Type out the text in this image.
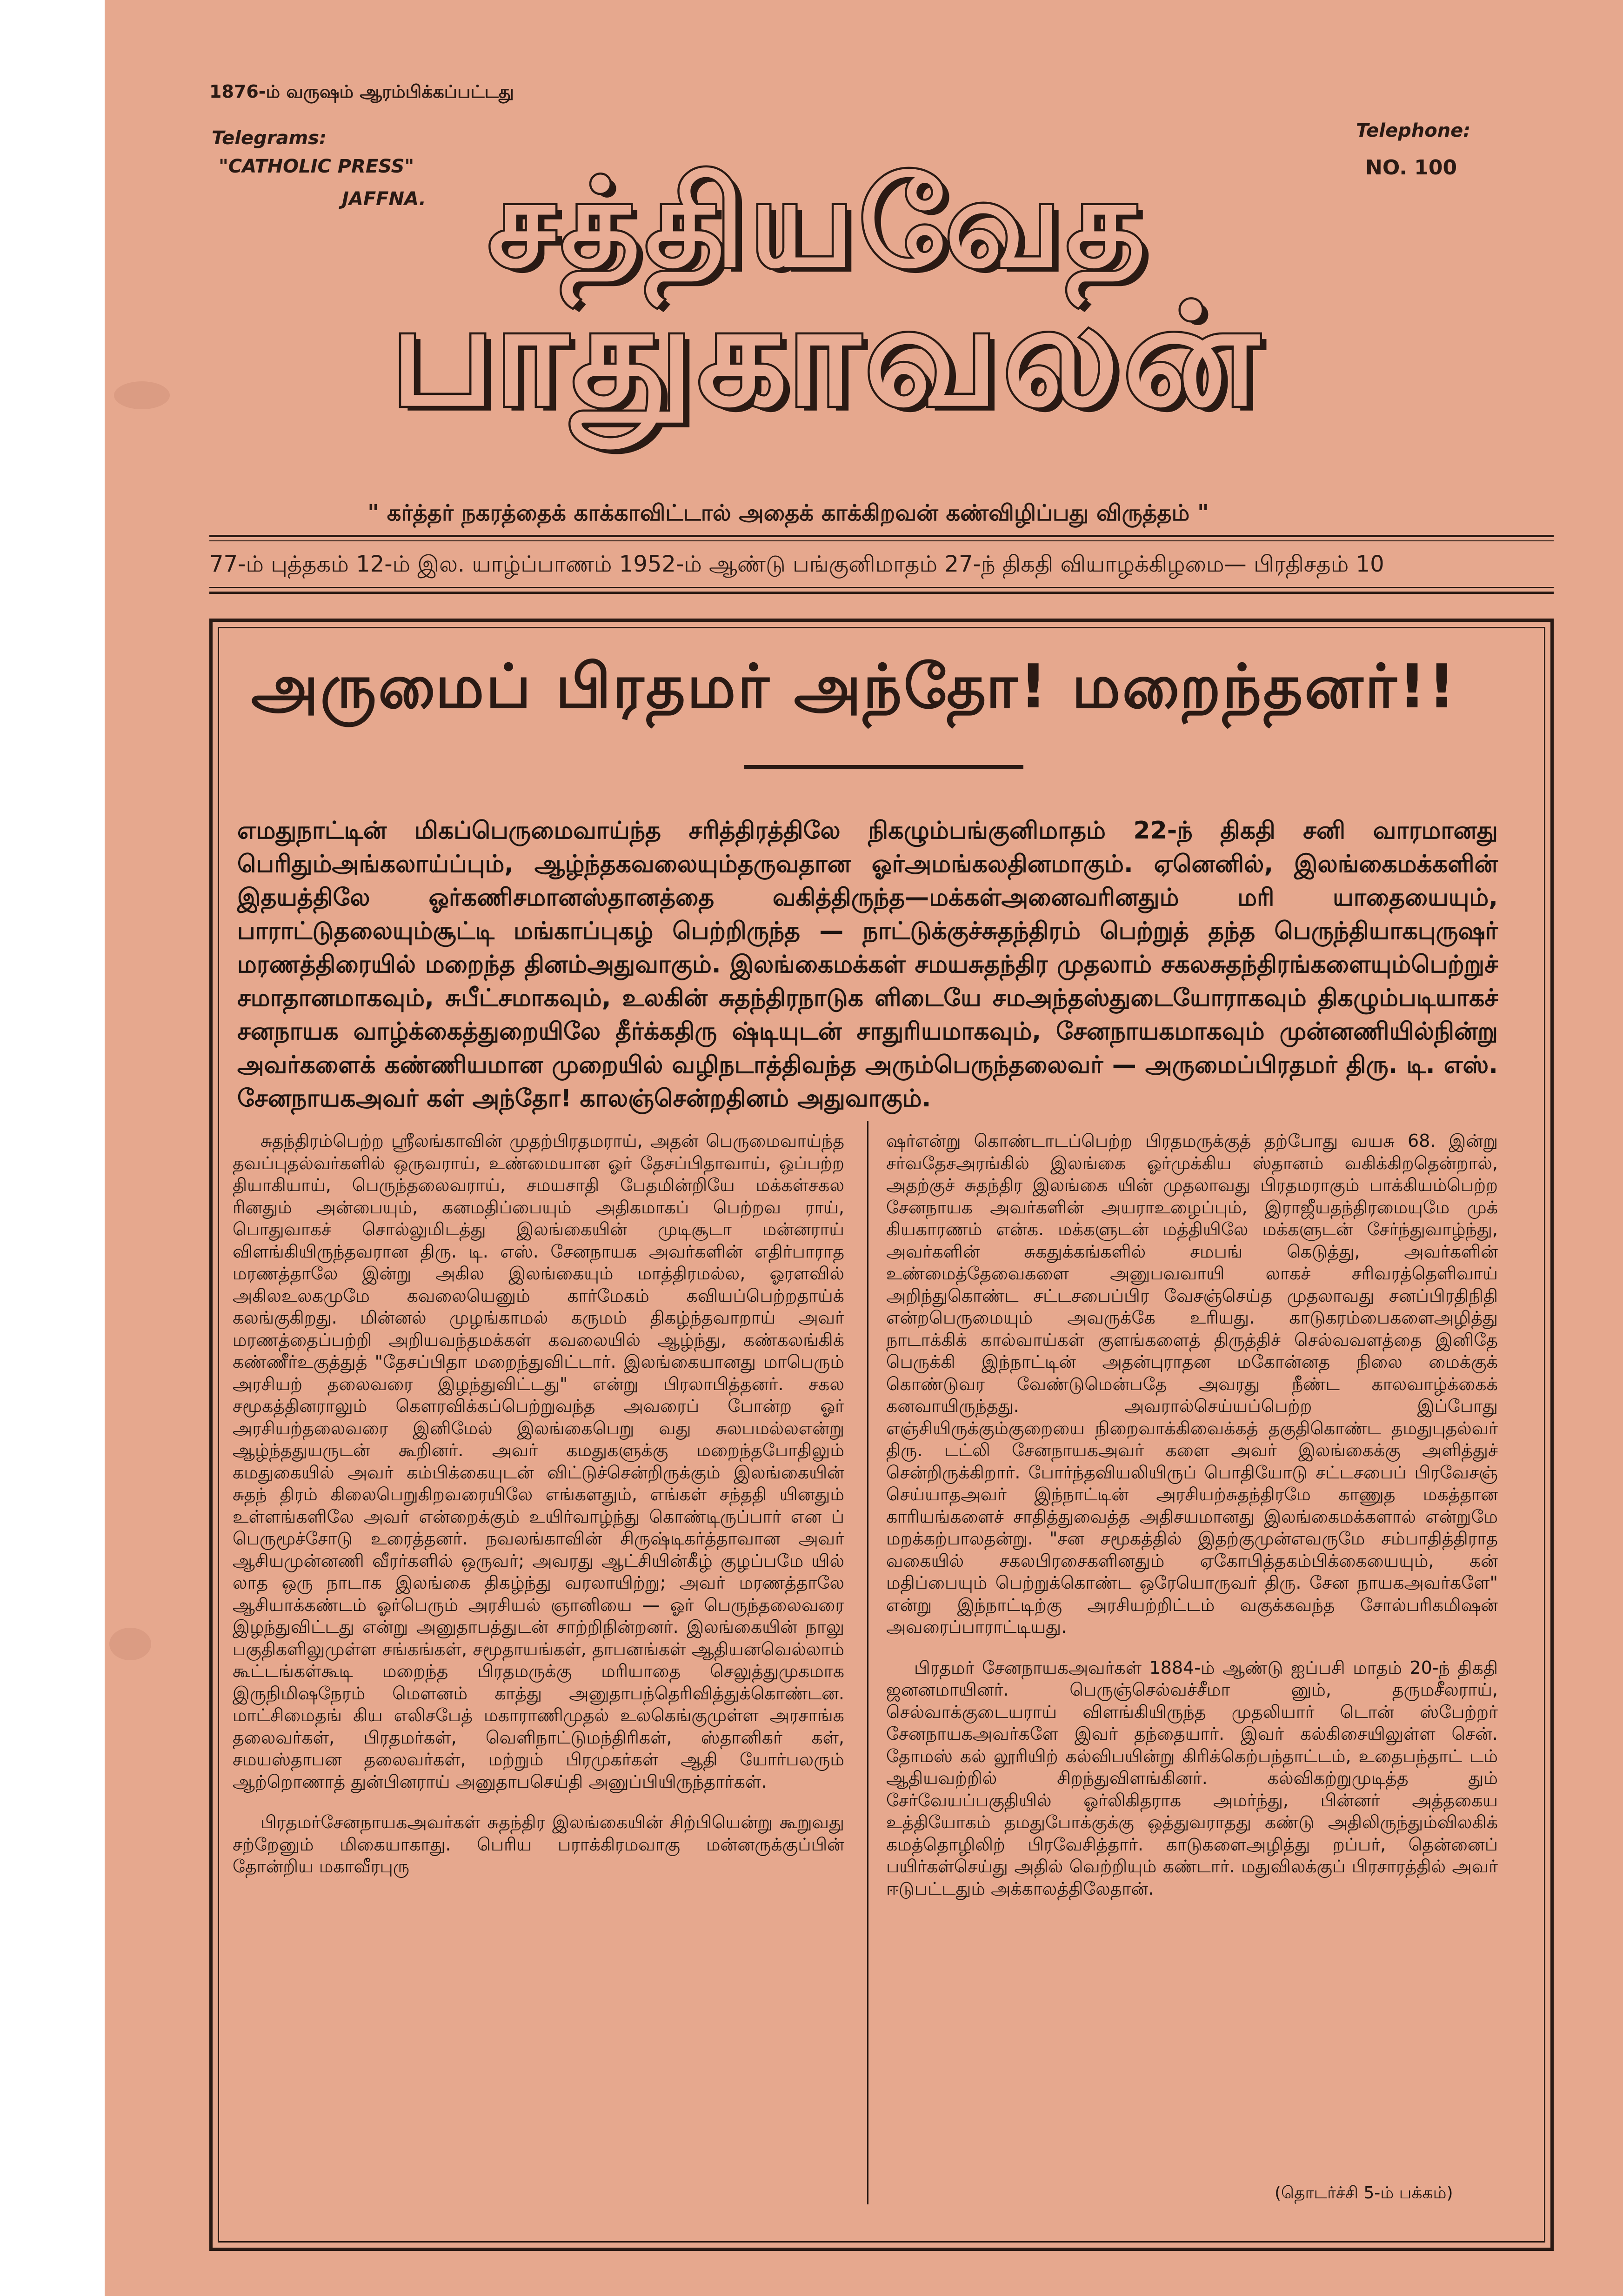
1876-ம் வருஷம் ஆரம்பிக்கப்பட்டது
Telegrams:
"CATHOLIC PRESS"
JAFFNA.
Telephone:
NO. 100
சத்தியவேத
பாதுகாவலன்
" கர்த்தர் நகரத்தைக் காக்காவிட்டால் அதைக் காக்கிறவன் கண்விழிப்பது விருத்தம் "
77-ம் புத்தகம் 12-ம் இல. யாழ்ப்பாணம் 1952-ம் ஆண்டு பங்குனிமாதம் 27-ந் திகதி வியாழக்கிழமை— பிரதிசதம் 10
அருமைப் பிரதமர் அந்தோ! மறைந்தனர்!!
எமதுநாட்டின் மிகப்பெருமைவாய்ந்த சரித்திரத்திலே நிகழும்பங்குனிமாதம் 22-ந் திகதி சனி வாரமானது பெரிதும்அங்கலாய்ப்பும், ஆழ்ந்தகவலையும்தருவதான ஓர்அமங்கலதினமாகும். ஏனெனில், இலங்கைமக்களின் இதயத்திலே ஓர்கணிசமானஸ்தானத்தை வகித்திருந்த—மக்கள்அனைவரினதும் மரி யாதையையும், பாராட்டுதலையும்சூட்டி மங்காப்புகழ் பெற்றிருந்த — நாட்டுக்குச்சுதந்திரம் பெற்றுத் தந்த பெருந்தியாகபுருஷர் மரணத்திரையில் மறைந்த தினம்அதுவாகும். இலங்கைமக்கள் சமயசுதந்திர முதலாம் சகலசுதந்திரங்களையும்பெற்றுச் சமாதானமாகவும், சுபீட்சமாகவும், உலகின் சுதந்திரநாடுக ளிடையே சமஅந்தஸ்துடையோராகவும் திகழும்படியாகச் சனநாயக வாழ்க்கைத்துறையிலே தீர்க்கதிரு ஷ்டியுடன் சாதுரியமாகவும், சேனநாயகமாகவும் முன்னணியில்நின்று அவர்களைக் கண்ணியமான முறையில் வழிநடாத்திவந்த அரும்பெருந்தலைவர் — அருமைப்பிரதமர் திரு. டி. எஸ். சேனநாயகஅவர் கள் அந்தோ! காலஞ்சென்றதினம் அதுவாகும்.

சுதந்திரம்பெற்ற ஸ்ரீலங்காவின் முதற்பிரதமராய், அதன் பெருமைவாய்ந்த தவப்புதல்வர்களில் ஒருவராய், உண்மையான ஓர் தேசப்பிதாவாய், ஒப்பற்ற தியாகியாய், பெருந்தலைவராய், சமயசாதி பேதமின்றியே மக்கள்சகல ரினதும் அன்பையும், கனமதிப்பையும் அதிகமாகப் பெற்றவ ராய், பொதுவாகச் சொல்லுமிடத்து இலங்கையின் முடிசூடா மன்னராய் விளங்கியிருந்தவரான திரு. டி. எஸ். சேனநாயக அவர்களின் எதிர்பாராத மரணத்தாலே இன்று அகில இலங்கையும் மாத்திரமல்ல, ஓரளவில் அகிலஉலகமுமே கவலையெனும் கார்மேகம் கவியப்பெற்றதாய்க் கலங்குகிறது. மின்னல் முழங்காமல் கருமம் திகழ்ந்தவாறாய் அவர் மரணத்தைப்பற்றி அறியவந்தமக்கள் கவலையில் ஆழ்ந்து, கண்கலங்கிக் கண்ணீர்உகுத்துத் "தேசப்பிதா மறைந்துவிட்டார். இலங்கையானது மாபெரும் அரசியற் தலைவரை இழந்துவிட்டது" என்று பிரலாபித்தனர். சகல சமூகத்தினராலும் கௌரவிக்கப்பெற்றுவந்த அவரைப் போன்ற ஓர் அரசியற்தலைவரை இனிமேல் இலங்கைபெறு வது சுலபமல்லஎன்று ஆழ்ந்ததுயருடன் கூறினர். அவர் கமதுகளுக்கு மறைந்தபோதிலும் கமதுகையில் அவர் கம்பிக்கையுடன் விட்டுச்சென்றிருக்கும் இலங்கையின் சுதந் திரம் கிலைபெறுகிறவரையிலே எங்களதும், எங்கள் சந்ததி யினதும் உள்ளங்களிலே அவர் என்றைக்கும் உயிர்வாழ்ந்து கொண்டிருப்பார் என ப் பெருமூச்சோடு உரைத்தனர். நவலங்காவின் சிருஷ்டிகர்த்தாவான அவர் ஆசியமுன்னணி வீரர்களில் ஒருவர்; அவரது ஆட்சியின்கீழ் குழப்பமே யில் லாத ஒரு நாடாக இலங்கை திகழ்ந்து வரலாயிற்று; அவர் மரணத்தாலே ஆசியாக்கண்டம் ஓர்பெரும் அரசியல் ஞானியை — ஓர் பெருந்தலைவரை இழந்துவிட்டது என்று அனுதாபத்துடன் சாற்றிநின்றனர். இலங்கையின் நாலு பகுதிகளிலுமுள்ள சங்கங்கள், சமூதாயங்கள், தாபனங்கள் ஆதியனவெல்லாம் கூட்டங்கள்கூடி மறைந்த பிரதமருக்கு மரியாதை செலுத்துமுகமாக இருநிமிஷநேரம் மௌனம் காத்து அனுதாபந்தெரிவித்துக்கொண்டன. மாட்சிமைதங் கிய எலிசபேத் மகாராணிமுதல் உலகெங்குமுள்ள அரசாங்க தலைவர்கள், பிரதமர்கள், வெளிநாட்டுமந்திரிகள், ஸ்தானிகர் கள், சமயஸ்தாபன தலைவர்கள், மற்றும் பிரமுகர்கள் ஆதி யோர்பலரும் ஆற்றொணாத் துன்பினராய் அனுதாபசெய்தி அனுப்பியிருந்தார்கள்.

பிரதமர்சேனநாயகஅவர்கள் சுதந்திர இலங்கையின் சிற்பியென்று கூறுவது சற்றேனும் மிகையாகாது. பெரிய பராக்கிரமவாகு மன்னருக்குப்பின் தோன்றிய மகாவீரபுரு

ஷர்என்று கொண்டாடப்பெற்ற பிரதமருக்குத் தற்போது வயசு 68. இன்று சர்வதேசஅரங்கில் இலங்கை ஓர்முக்கிய ஸ்தானம் வகிக்கிறதென்றால், அதற்குச் சுதந்திர இலங்கை யின் முதலாவது பிரதமராகும் பாக்கியம்பெற்ற சேனநாயக அவர்களின் அயராஉழைப்பும், இராஜீயதந்திரமையுமே முக் கியகாரணம் என்க. மக்களுடன் மத்தியிலே மக்களுடன் சேர்ந்துவாழ்ந்து, அவர்களின் சுகதுக்கங்களில் சமபங் கெடுத்து, அவர்களின் உண்மைத்தேவைகளை அனுபவவாயி லாகச் சரிவரத்தெளிவாய் அறிந்துகொண்ட சட்டசபைப்பிர வேசஞ்செய்த முதலாவது சனப்பிரதிநிதி என்றபெருமையும் அவருக்கே உரியது. காடுகரம்பைகளைஅழித்து நாடாக்கிக் கால்வாய்கள் குளங்களைத் திருத்திச் செல்வவளத்தை இனிதே பெருக்கி இந்நாட்டின் அதன்புராதன மகோன்னத நிலை மைக்குக் கொண்டுவர வேண்டுமென்பதே அவரது நீண்ட காலவாழ்க்கைக் கனவாயிருந்தது. அவரால்செய்யப்பெற்ற இப்போது எஞ்சியிருக்கும்குறையை நிறைவாக்கிவைக்கத் தகுதிகொண்ட தமதுபுதல்வர் திரு. டட்லி சேனநாயகஅவர் களை அவர் இலங்கைக்கு அளித்துச் சென்றிருக்கிறார். போர்ந்தவியலியிருப் பொதியோடு சட்டசபைப் பிரவேசஞ் செய்யாதஅவர் இந்நாட்டின் அரசியற்சுதந்திரமே காணுத மகத்தான காரியங்களைச் சாதித்துவைத்த அதிசயமானது இலங்கைமக்களால் என்றுமே மறக்கற்பாலதன்று. "சன சமூகத்தில் இதற்குமுன்எவருமே சம்பாதித்திராத வகையில் சகலபிரசைகளினதும் ஏகோபித்தகம்பிக்கையையும், கன் மதிப்பையும் பெற்றுக்கொண்ட ஒரேயொருவர் திரு. சேன நாயகஅவர்களே" என்று இந்நாட்டிற்கு அரசியற்றிட்டம் வகுக்கவந்த சோல்பரிகமிஷன் அவரைப்பாராட்டியது.

பிரதமர் சேனநாயகஅவர்கள் 1884-ம் ஆண்டு ஐப்பசி மாதம் 20-ந் திகதி ஜனனமாயினர். பெருஞ்செல்வச்சீமா னும், தருமசீலராய், செல்வாக்குடையராய் விளங்கியிருந்த முதலியார் டொன் ஸ்பேற்றர் சேனநாயகஅவர்களே இவர் தந்தையார். இவர் கல்கிசையிலுள்ள சென். தோமஸ் கல் லூரியிற் கல்விபயின்று கிரிக்கெற்பந்தாட்டம், உதைபந்தாட் டம் ஆதியவற்றில் சிறந்துவிளங்கினர். கல்விகற்றுமுடித்த தும் சேர்வேயப்பகுதியில் ஓர்லிகிதராக அமர்ந்து, பின்னர் அத்தகைய உத்தியோகம் தமதுபோக்குக்கு ஒத்துவராதது கண்டு அதிலிருந்தும்விலகிக் கமத்தொழிலிற் பிரவேசித்தார். காடுகளைஅழித்து றப்பர், தென்னைப் பயிர்கள்செய்து அதில் வெற்றியும் கண்டார். மதுவிலக்குப் பிரசாரத்தில் அவர் ஈடுபட்டதும் அக்காலத்திலேதான்.

(தொடர்ச்சி 5-ம் பக்கம்)
